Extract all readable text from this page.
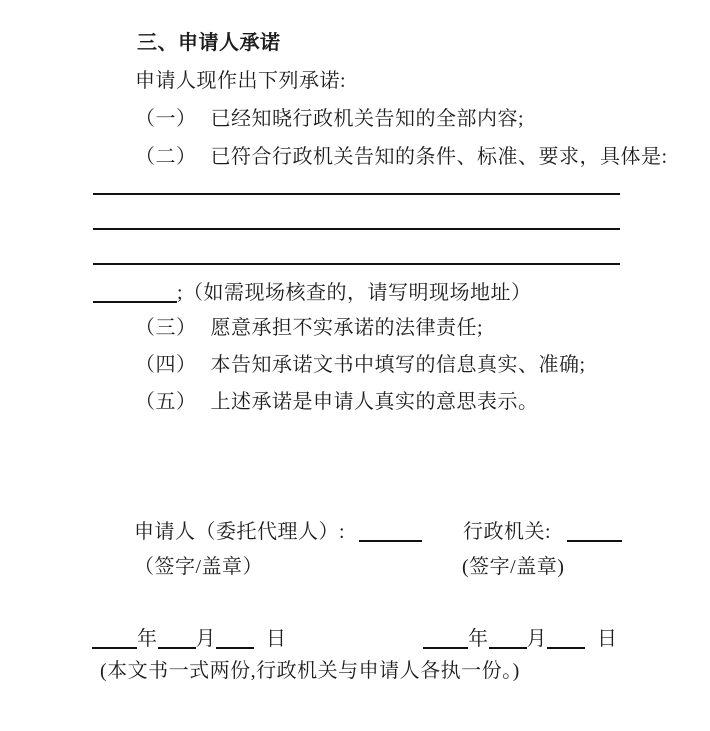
三、申请人承诺
申请人现作出下列承诺:
（一） 已经知晓行政机关告知的全部内容;
（二） 已符合行政机关告知的条件、标准、要求，具体是:
;（如需现场核查的，请写明现场地址）
（三） 愿意承担不实承诺的法律责任;
（四） 本告知承诺文书中填写的信息真实、准确;
（五） 上述承诺是申请人真实的意思表示。
申请人（委托代理人）:	行政机关:
（签字/盖章）	(签字/盖章)
年 月	日	年 月	日
(本文书一式两份,行政机关与申请人各执一份。)
